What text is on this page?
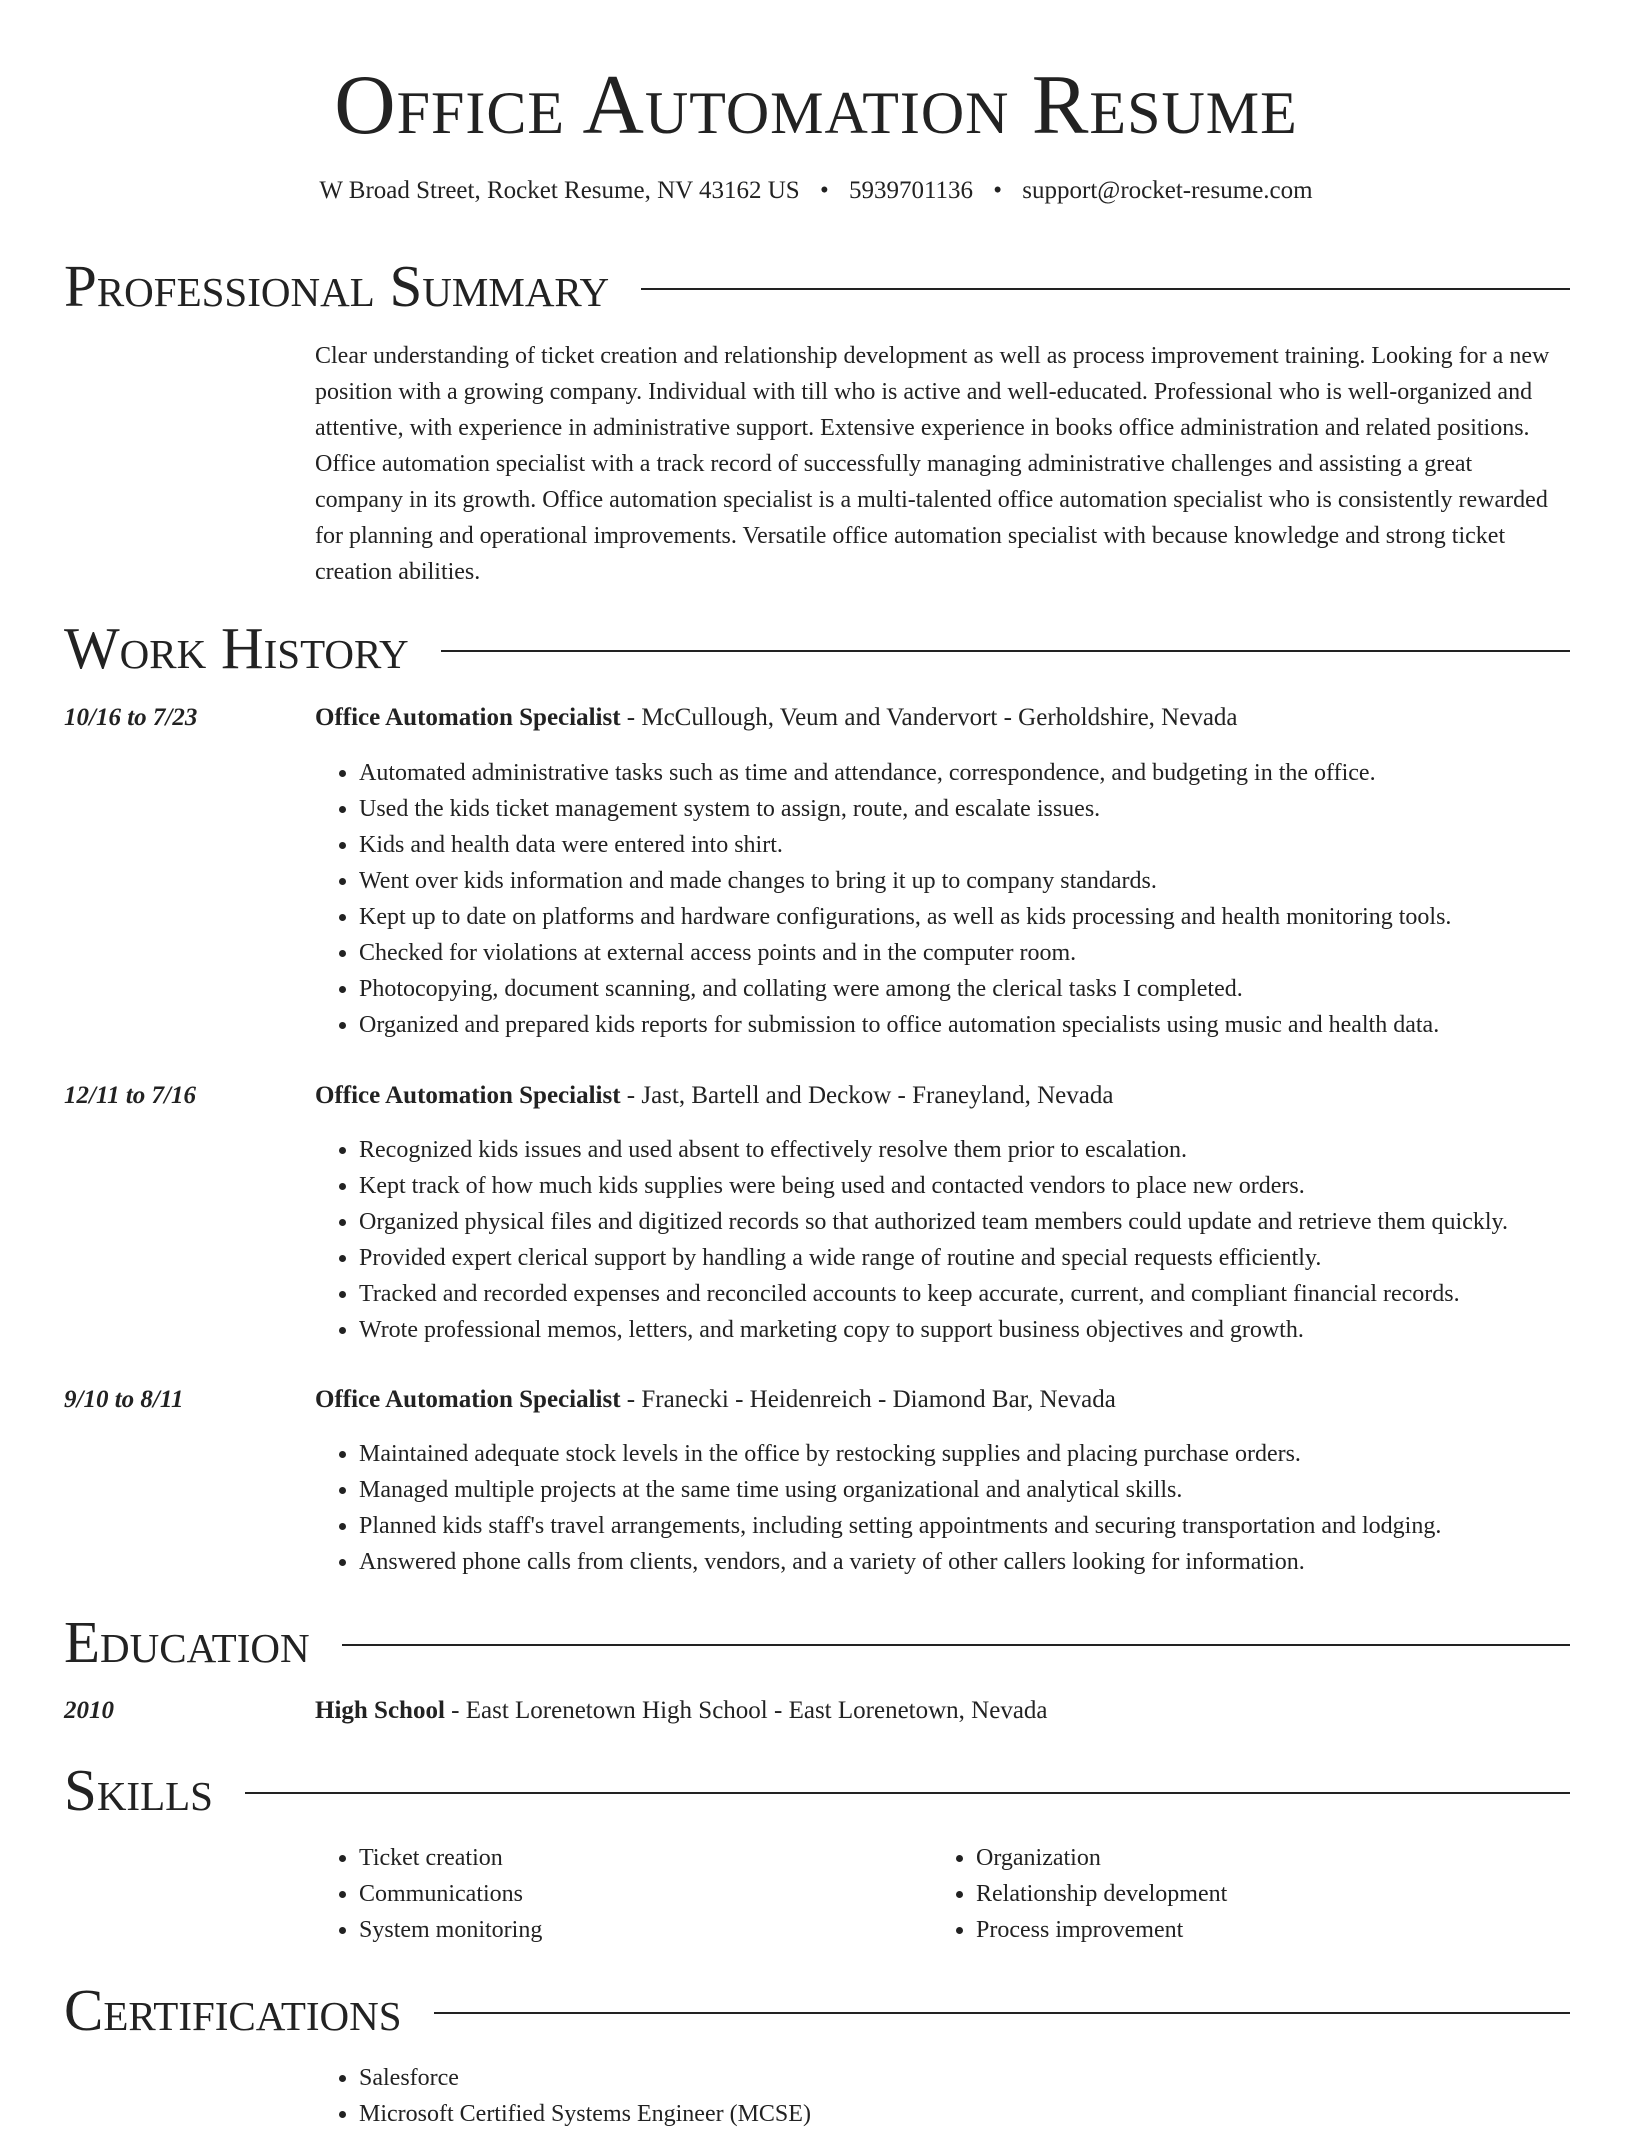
Office Automation Resume
W Broad Street, Rocket Resume, NV 43162 US • 5939701136 • support@rocket-resume.com
Professional Summary
Clear understanding of ticket creation and relationship development as well as process improvement training. Looking for a new position with a growing company. Individual with till who is active and well-educated. Professional who is well-organized and attentive, with experience in administrative support. Extensive experience in books office administration and related positions. Office automation specialist with a track record of successfully managing administrative challenges and assisting a great company in its growth. Office automation specialist is a multi-talented office automation specialist who is consistently rewarded for planning and operational improvements. Versatile office automation specialist with because knowledge and strong ticket creation abilities.
Work History
10/16 to 7/23	Office Automation Specialist - McCullough, Veum and Vandervort - Gerholdshire, Nevada
• Automated administrative tasks such as time and attendance, correspondence, and budgeting in the office.
• Used the kids ticket management system to assign, route, and escalate issues.
• Kids and health data were entered into shirt.
• Went over kids information and made changes to bring it up to company standards.
• Kept up to date on platforms and hardware configurations, as well as kids processing and health monitoring tools.
• Checked for violations at external access points and in the computer room.
• Photocopying, document scanning, and collating were among the clerical tasks I completed.
• Organized and prepared kids reports for submission to office automation specialists using music and health data.
12/11 to 7/16	Office Automation Specialist - Jast, Bartell and Deckow - Franeyland, Nevada
• Recognized kids issues and used absent to effectively resolve them prior to escalation.
• Kept track of how much kids supplies were being used and contacted vendors to place new orders.
• Organized physical files and digitized records so that authorized team members could update and retrieve them quickly.
• Provided expert clerical support by handling a wide range of routine and special requests efficiently.
• Tracked and recorded expenses and reconciled accounts to keep accurate, current, and compliant financial records.
• Wrote professional memos, letters, and marketing copy to support business objectives and growth.
9/10 to 8/11	Office Automation Specialist - Franecki - Heidenreich - Diamond Bar, Nevada
• Maintained adequate stock levels in the office by restocking supplies and placing purchase orders.
• Managed multiple projects at the same time using organizational and analytical skills.
• Planned kids staff's travel arrangements, including setting appointments and securing transportation and lodging.
• Answered phone calls from clients, vendors, and a variety of other callers looking for information.
Education
2010	High School - East Lorenetown High School - East Lorenetown, Nevada
Skills
• Ticket creation
• Communications
• System monitoring
• Organization
• Relationship development
• Process improvement
Certifications
• Salesforce
• Microsoft Certified Systems Engineer (MCSE)
